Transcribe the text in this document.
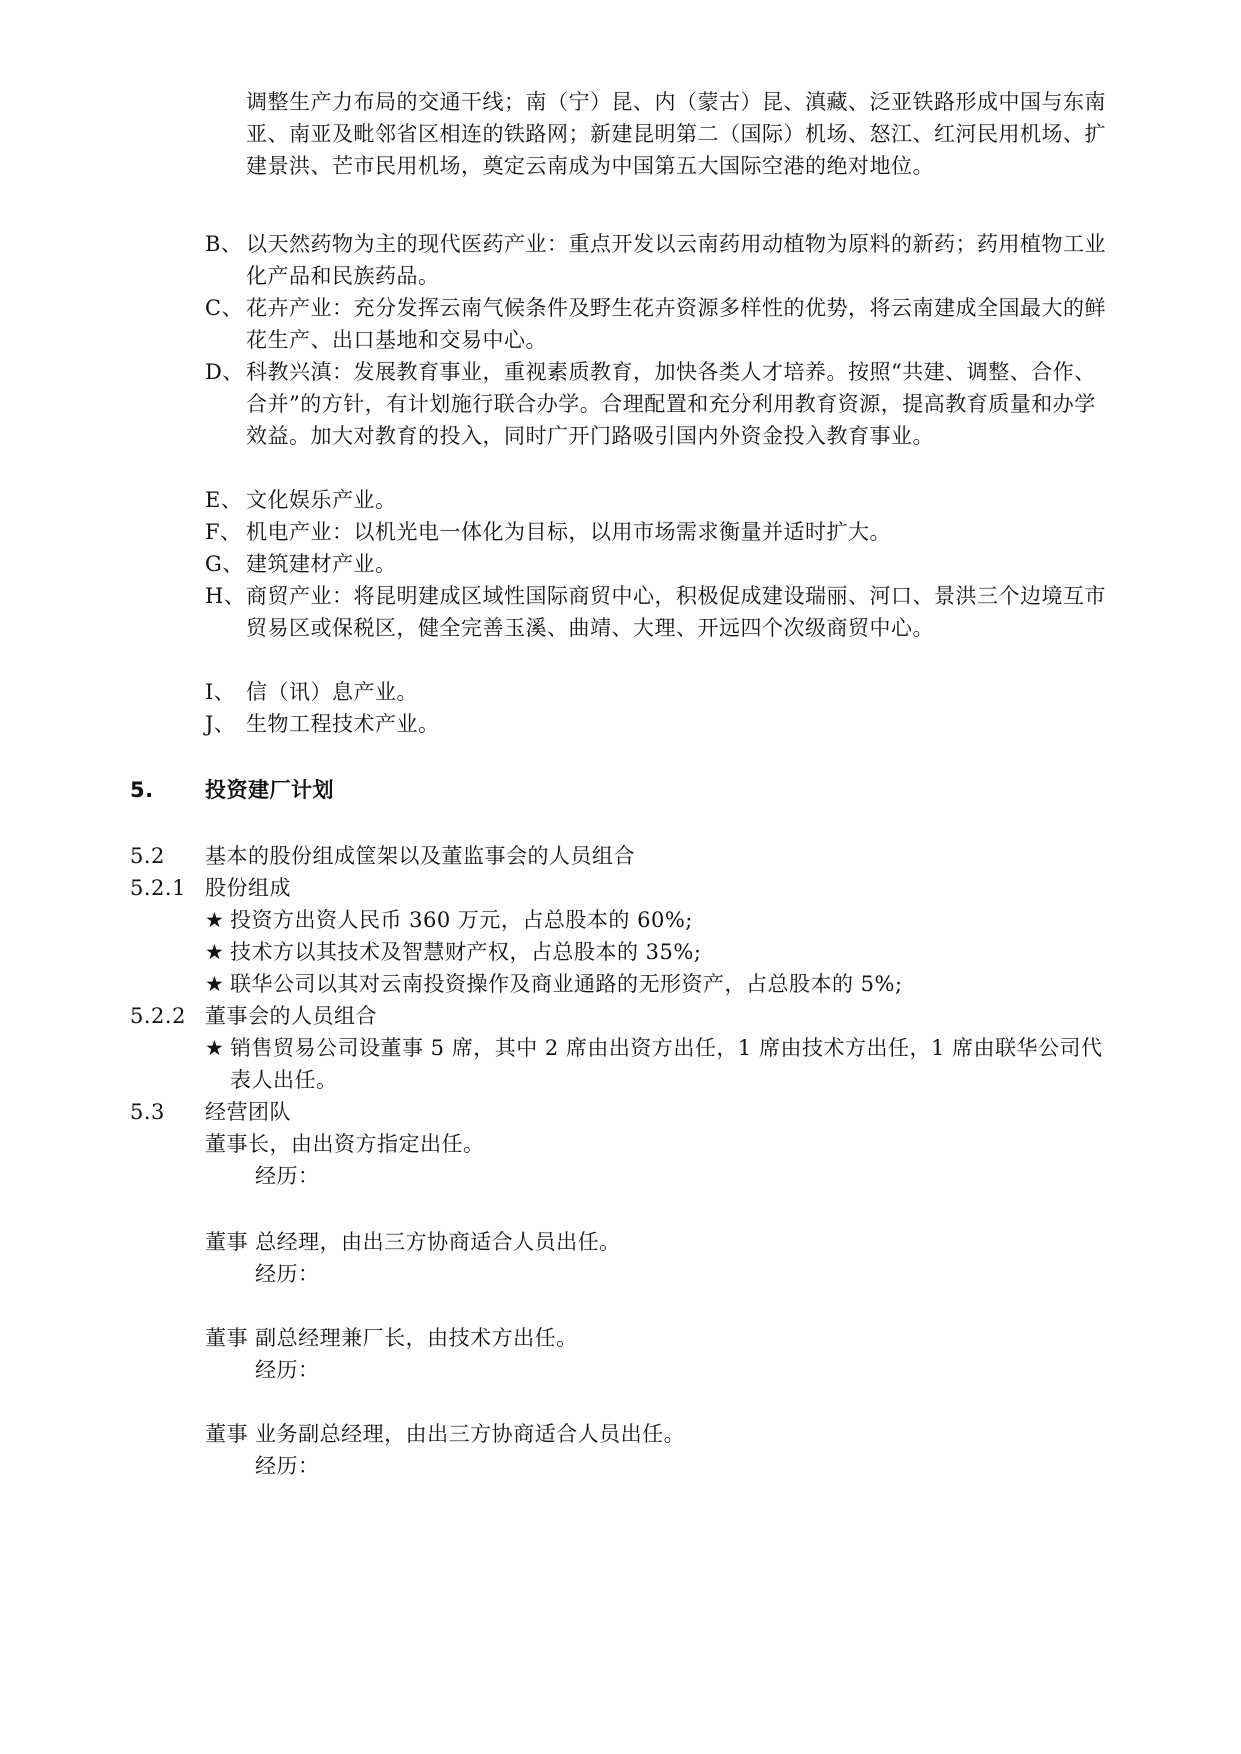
调整生产力布局的交通干线；南（宁）昆、内（蒙古）昆、滇藏、泛亚铁路形成中国与东南亚、南亚及毗邻省区相连的铁路网；新建昆明第二（国际）机场、怒江、红河民用机场、扩建景洪、芒市民用机场，奠定云南成为中国第五大国际空港的绝对地位。
B、 以天然药物为主的现代医药产业：重点开发以云南药用动植物为原料的新药；药用植物工业化产品和民族药品。
C、 花卉产业：充分发挥云南气候条件及野生花卉资源多样性的优势，将云南建成全国最大的鲜花生产、出口基地和交易中心。
D、 科教兴滇：发展教育事业，重视素质教育，加快各类人才培养。按照“共建、调整、合作、合并”的方针，有计划施行联合办学。合理配置和充分利用教育资源，提高教育质量和办学效益。加大对教育的投入，同时广开门路吸引国内外资金投入教育事业。
E、 文化娱乐产业。
F、 机电产业：以机光电一体化为目标，以用市场需求衡量并适时扩大。
G、 建筑建材产业。
H、 商贸产业：将昆明建成区域性国际商贸中心，积极促成建设瑞丽、河口、景洪三个边境互市贸易区或保税区，健全完善玉溪、曲靖、大理、开远四个次级商贸中心。
I、 信（讯）息产业。
J、 生物工程技术产业。
5. 投资建厂计划
5.2 基本的股份组成筐架以及董监事会的人员组合
5.2.1 股份组成
★ 投资方出资人民币 360 万元，占总股本的 60%;
★ 技术方以其技术及智慧财产权，占总股本的 35%;
★ 联华公司以其对云南投资操作及商业通路的无形资产，占总股本的 5%;
5.2.2 董事会的人员组合
★ 销售贸易公司设董事 5 席，其中 2 席由出资方出任，1 席由技术方出任，1 席由联华公司代表人出任。
5.3 经营团队
董事长，由出资方指定出任。
经历：
董事 总经理，由出三方协商适合人员出任。
经历：
董事 副总经理兼厂长，由技术方出任。
经历：
董事 业务副总经理，由出三方协商适合人员出任。
经历：
